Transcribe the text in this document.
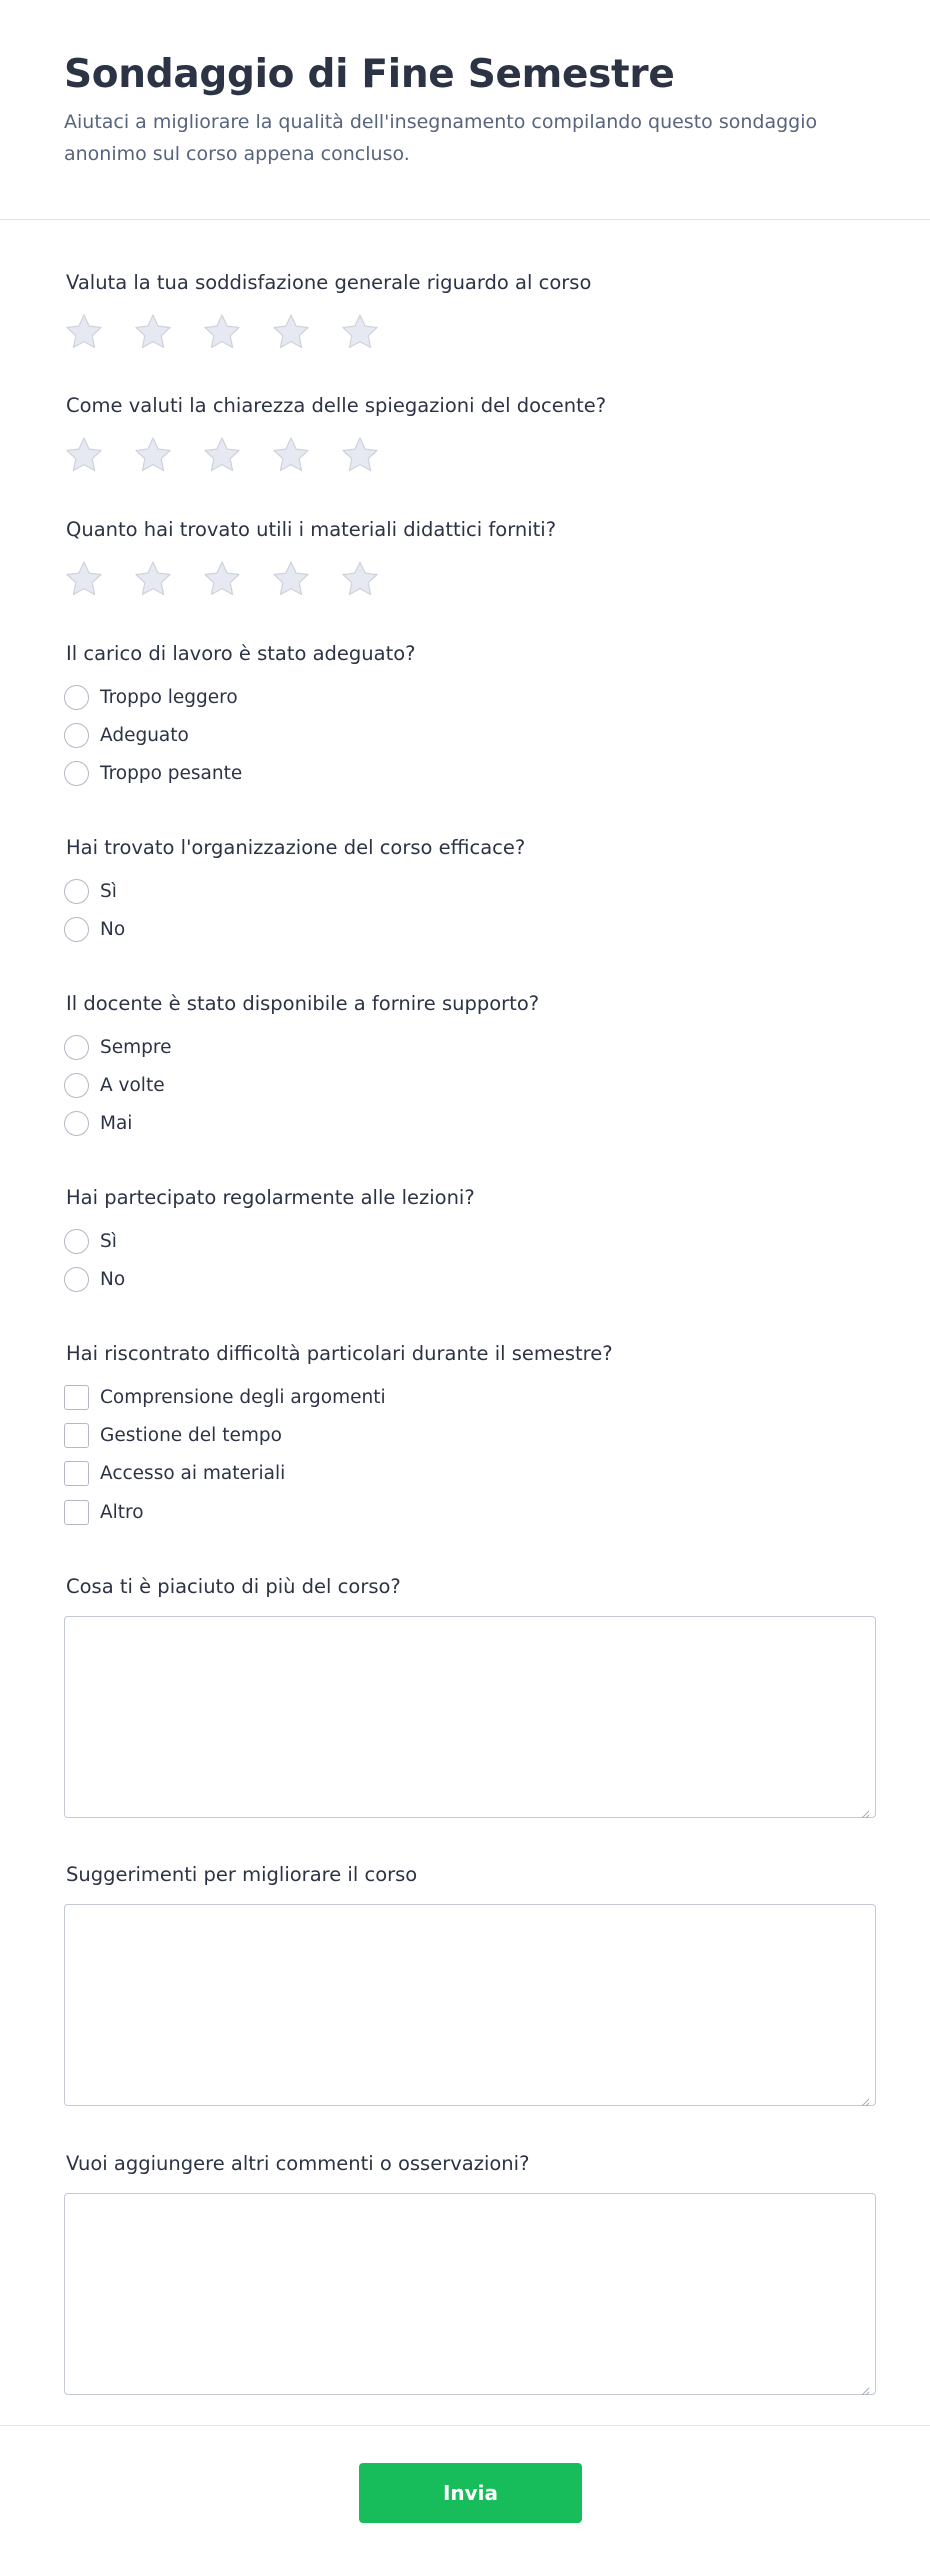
Sondaggio di Fine Semestre
Aiutaci a migliorare la qualità dell'insegnamento compilando questo sondaggio anonimo sul corso appena concluso.
Valuta la tua soddisfazione generale riguardo al corso
Come valuti la chiarezza delle spiegazioni del docente?
Quanto hai trovato utili i materiali didattici forniti?
Il carico di lavoro è stato adeguato?
Troppo leggero
Adeguato
Troppo pesante
Hai trovato l'organizzazione del corso efficace?
Sì
No
Il docente è stato disponibile a fornire supporto?
Sempre
A volte
Mai
Hai partecipato regolarmente alle lezioni?
Sì
No
Hai riscontrato difficoltà particolari durante il semestre?
Comprensione degli argomenti
Gestione del tempo
Accesso ai materiali
Altro
Cosa ti è piaciuto di più del corso?
Suggerimenti per migliorare il corso
Vuoi aggiungere altri commenti o osservazioni?
Invia
